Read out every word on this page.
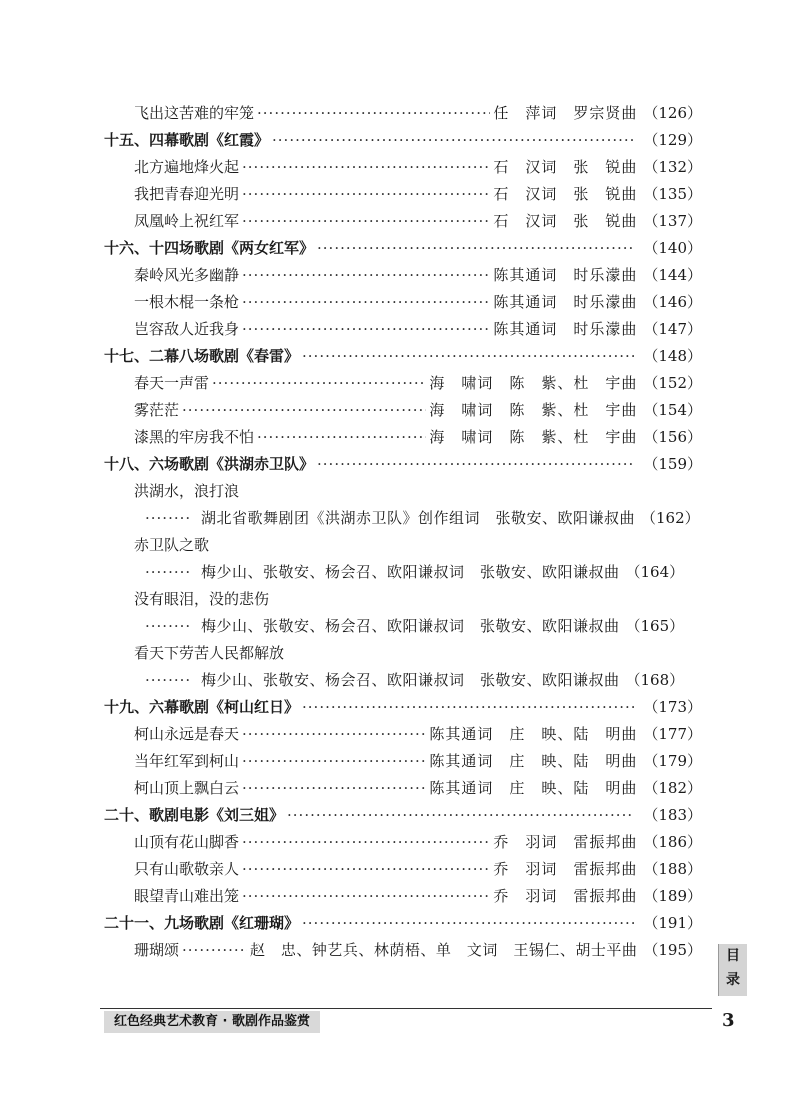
飞出这苦难的牢笼 ·····	任　萍词　罗宗贤曲 （126）
十五、四幕歌剧《红霞》 ·····	（129）
北方遍地烽火起 ·····	石　汉词　张　锐曲 （132）
我把青春迎光明 ·····	石　汉词　张　锐曲 （135）
凤凰岭上祝红军 ·····	石　汉词　张　锐曲 （137）
十六、十四场歌剧《两女红军》 ·····	（140）
秦岭风光多幽静 ·····	陈其通词　时乐濛曲 （144）
一根木棍一条枪 ·····	陈其通词　时乐濛曲 （146）
岂容敌人近我身 ·····	陈其通词　时乐濛曲 （147）
十七、二幕八场歌剧《春雷》 ·····	（148）
春天一声雷 ·····	海　啸词　陈　紫、杜　宇曲 （152）
雾茫茫 ·····	海　啸词　陈　紫、杜　宇曲 （154）
漆黑的牢房我不怕 ·····	海　啸词　陈　紫、杜　宇曲 （156）
十八、六场歌剧《洪湖赤卫队》 ·····	（159）
洪湖水，浪打浪
·····
湖北省歌舞剧团《洪湖赤卫队》创作组词　张敬安、欧阳谦叔曲 （162）
赤卫队之歌
·····
梅少山、张敬安、杨会召、欧阳谦叔词　张敬安、欧阳谦叔曲 （164）
没有眼泪，没的悲伤
·····
梅少山、张敬安、杨会召、欧阳谦叔词　张敬安、欧阳谦叔曲 （165）
看天下劳苦人民都解放
·····
梅少山、张敬安、杨会召、欧阳谦叔词　张敬安、欧阳谦叔曲 （168）
十九、六幕歌剧《柯山红日》 ·····	（173）
柯山永远是春天 ·····	陈其通词　庄　映、陆　明曲 （177）
当年红军到柯山 ·····	陈其通词　庄　映、陆　明曲 （179）
柯山顶上飘白云 ·····	陈其通词　庄　映、陆　明曲 （182）
二十、歌剧电影《刘三姐》 ·····	（183）
山顶有花山脚香 ·····	乔　羽词　雷振邦曲 （186）
只有山歌敬亲人 ·····	乔　羽词　雷振邦曲 （188）
眼望青山难出笼 ·····	乔　羽词　雷振邦曲 （189）
二十一、九场歌剧《红珊瑚》 ·····	（191）
珊瑚颂 ·····	赵　忠、钟艺兵、林荫梧、单　文词　王锡仁、胡士平曲 （195）	目
录
红色经典艺术教育 · 歌剧作品鉴赏	3
